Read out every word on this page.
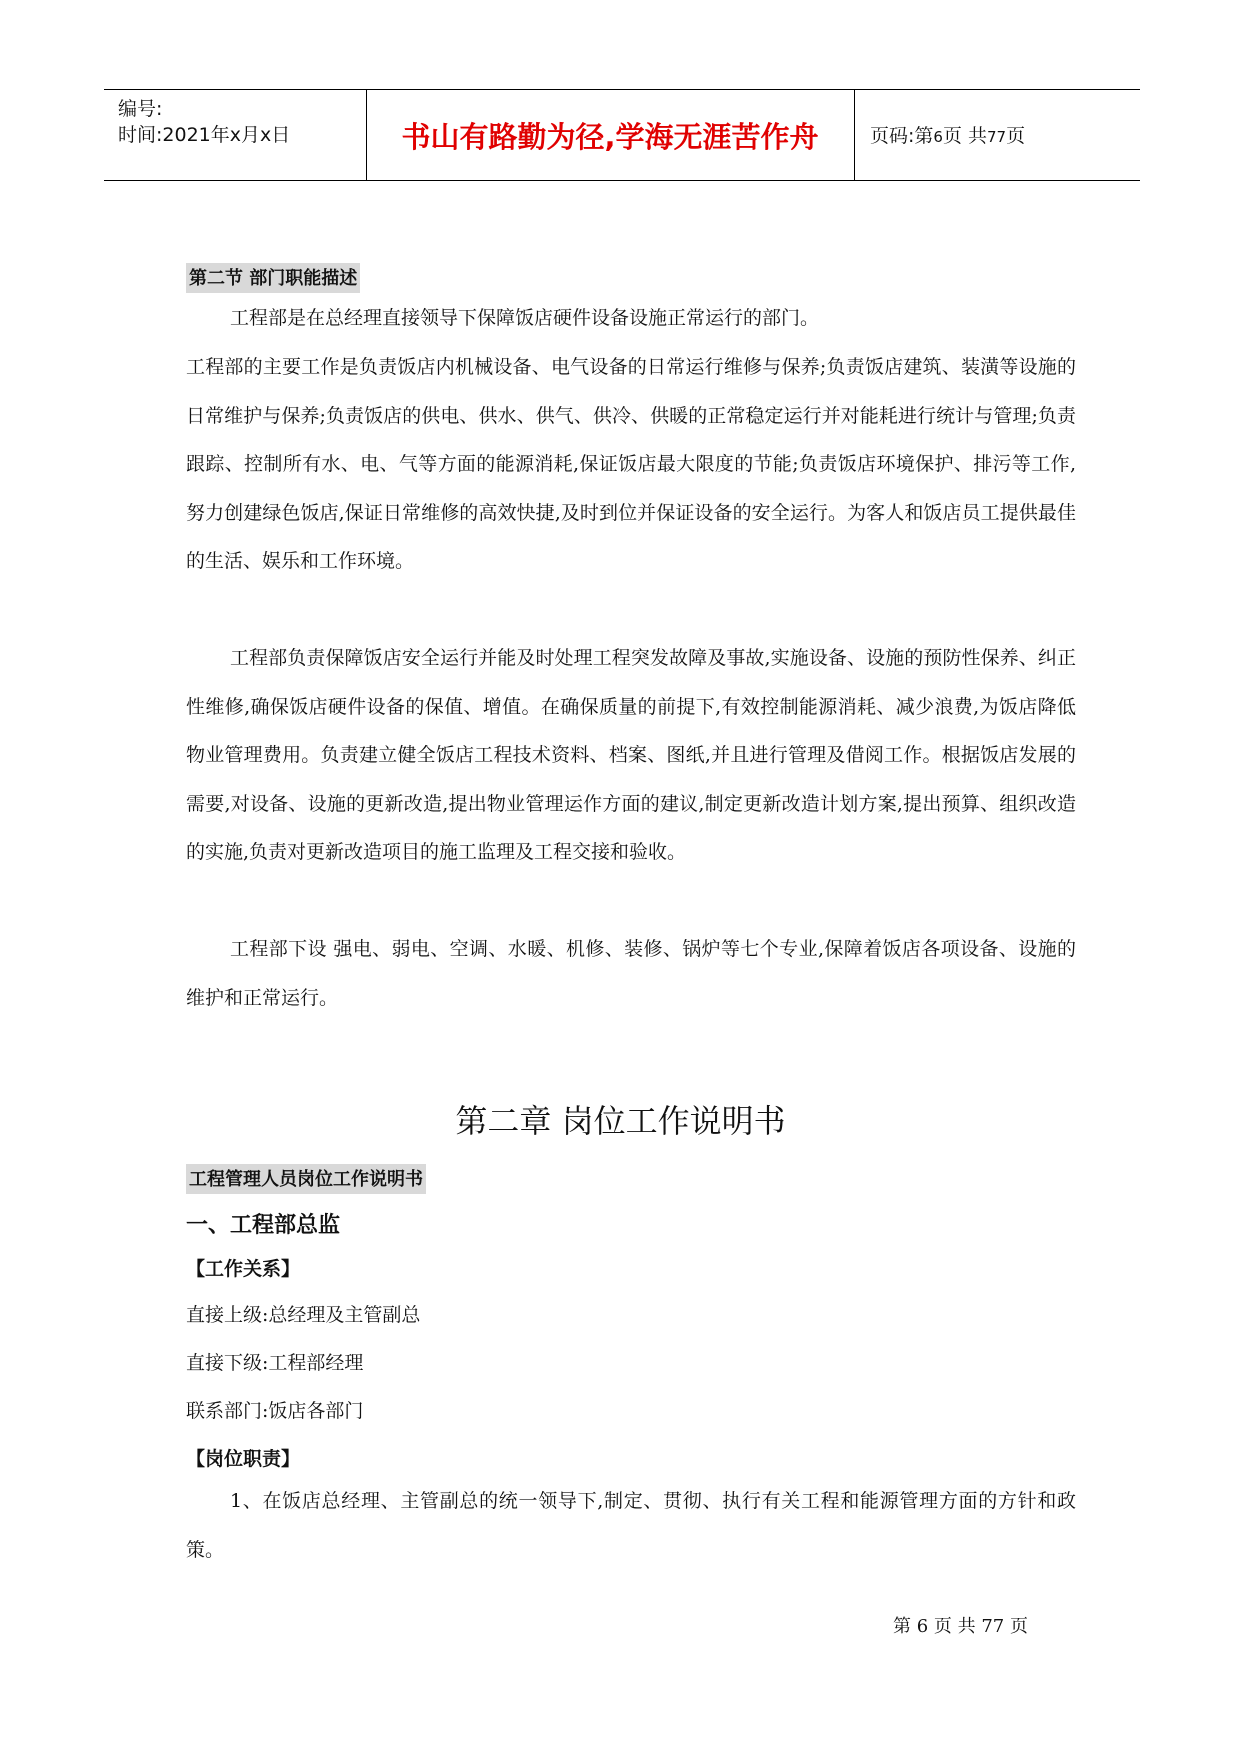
编号:
时间:2021年x月x日	书山有路勤为径,学海无涯苦作舟	页码:第6页 共77页
第二节 部门职能描述

工程部是在总经理直接领导下保障饭店硬件设备设施正常运行的部门。

工程部的主要工作是负责饭店内机械设备、电气设备的日常运行维修与保养;负责饭店建筑、装潢等设施的日常维护与保养;负责饭店的供电、供水、供气、供冷、供暖的正常稳定运行并对能耗进行统计与管理;负责跟踪、控制所有水、电、气等方面的能源消耗,保证饭店最大限度的节能;负责饭店环境保护、排污等工作,努力创建绿色饭店,保证日常维修的高效快捷,及时到位并保证设备的安全运行。为客人和饭店员工提供最佳的生活、娱乐和工作环境。

工程部负责保障饭店安全运行并能及时处理工程突发故障及事故,实施设备、设施的预防性保养、纠正性维修,确保饭店硬件设备的保值、增值。在确保质量的前提下,有效控制能源消耗、减少浪费,为饭店降低物业管理费用。负责建立健全饭店工程技术资料、档案、图纸,并且进行管理及借阅工作。根据饭店发展的需要,对设备、设施的更新改造,提出物业管理运作方面的建议,制定更新改造计划方案,提出预算、组织改造的实施,负责对更新改造项目的施工监理及工程交接和验收。

工程部下设 强电、弱电、空调、水暖、机修、装修、锅炉等七个专业,保障着饭店各项设备、设施的维护和正常运行。

第二章 岗位工作说明书
工程管理人员岗位工作说明书
一、工程部总监
【工作关系】
直接上级:总经理及主管副总
直接下级:工程部经理
联系部门:饭店各部门
【岗位职责】

1、在饭店总经理、主管副总的统一领导下,制定、贯彻、执行有关工程和能源管理方面的方针和政策。

第 6 页 共 77 页
